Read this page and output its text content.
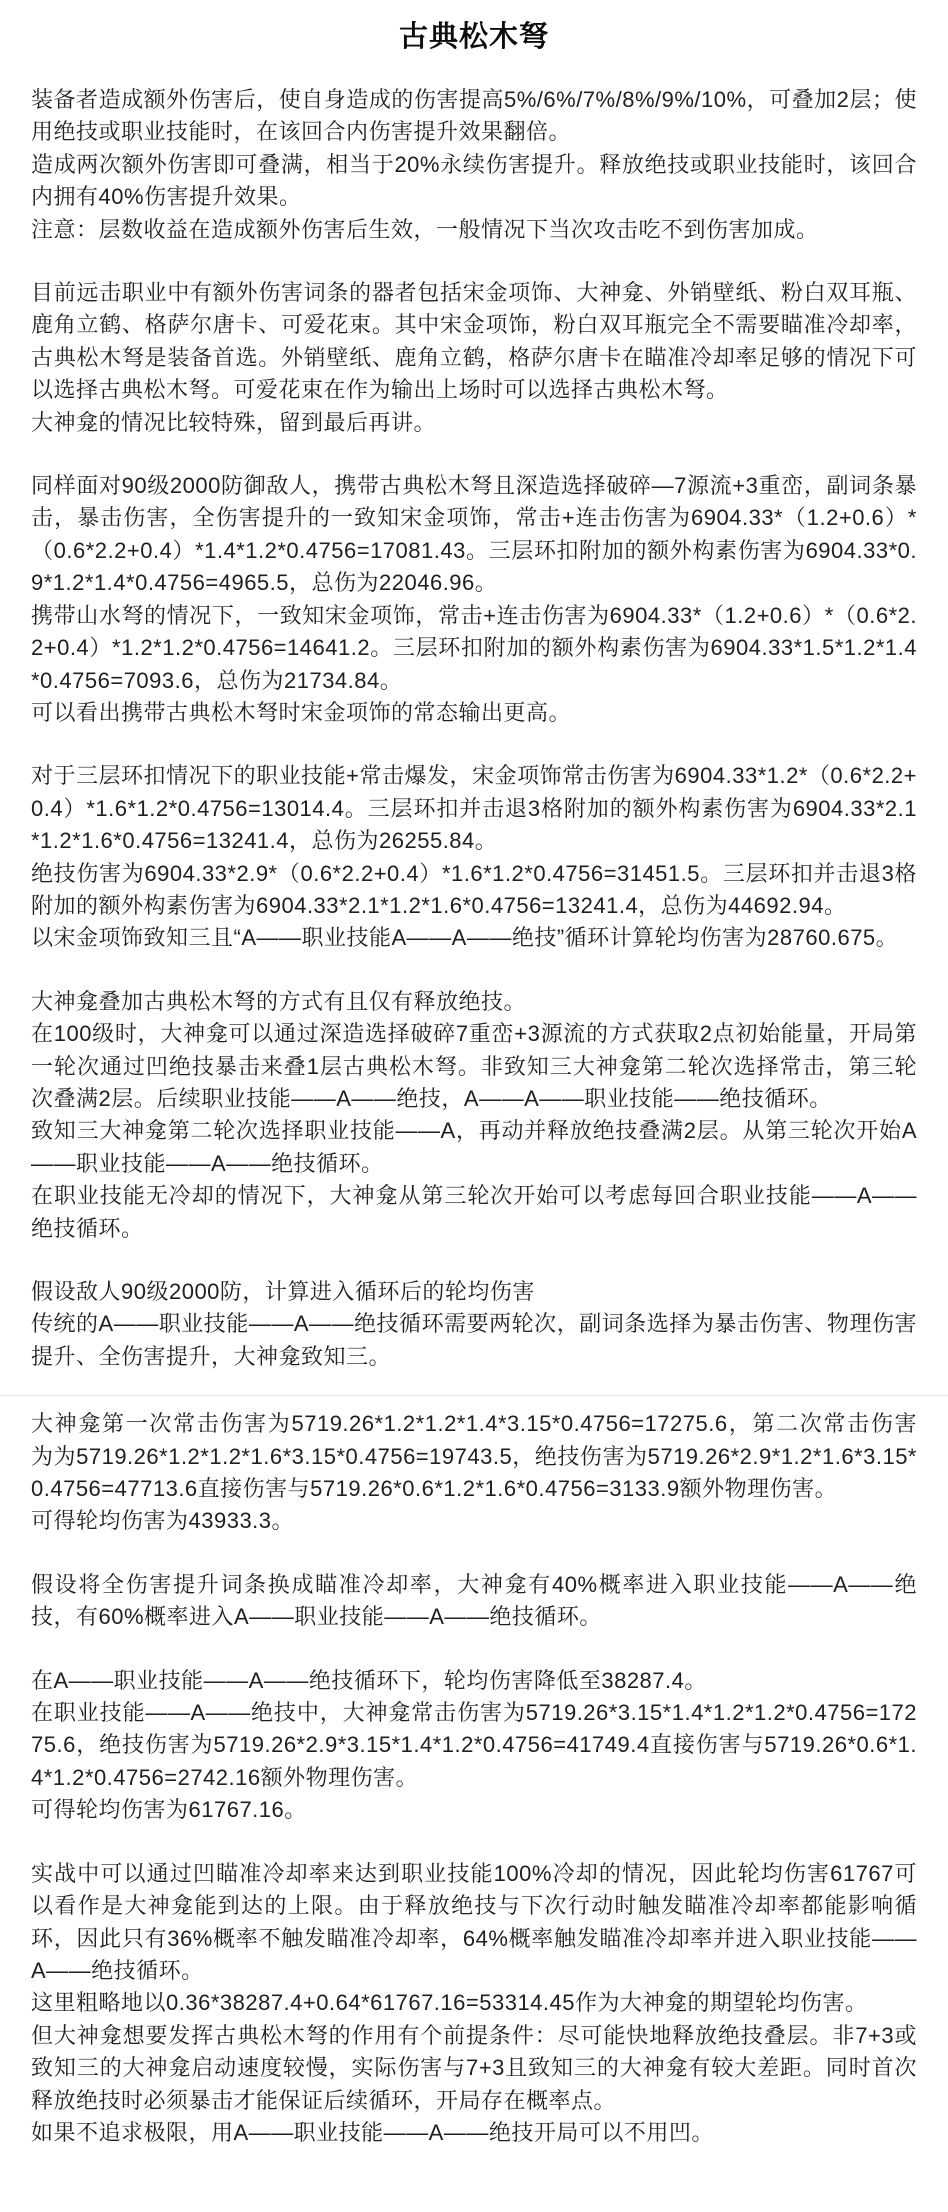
古典松木弩

装备者造成额外伤害后，使自身造成的伤害提高5%/6%/7%/8%/9%/10%，可叠加2层；使用绝技或职业技能时，在该回合内伤害提升效果翻倍。

造成两次额外伤害即可叠满，相当于20%永续伤害提升。释放绝技或职业技能时，该回合内拥有40%伤害提升效果。

注意：层数收益在造成额外伤害后生效，一般情况下当次攻击吃不到伤害加成。

目前远击职业中有额外伤害词条的器者包括宋金项饰、大神龛、外销壁纸、粉白双耳瓶、鹿角立鹤、格萨尔唐卡、可爱花束。其中宋金项饰，粉白双耳瓶完全不需要瞄准冷却率，古典松木弩是装备首选。外销壁纸、鹿角立鹤，格萨尔唐卡在瞄准冷却率足够的情况下可以选择古典松木弩。可爱花束在作为输出上场时可以选择古典松木弩。

大神龛的情况比较特殊，留到最后再讲。

同样面对90级2000防御敌人，携带古典松木弩且深造选择破碎—7源流+3重峦，副词条暴击，暴击伤害，全伤害提升的一致知宋金项饰，常击+连击伤害为6904.33*（1.2+0.6）*（0.6*2.2+0.4）*1.4*1.2*0.4756=17081.43。三层环扣附加的额外构素伤害为6904.33*0.9*1.2*1.4*0.4756=4965.5，总伤为22046.96。

携带山水弩的情况下，一致知宋金项饰，常击+连击伤害为6904.33*（1.2+0.6）*（0.6*2.2+0.4）*1.2*1.2*0.4756=14641.2。三层环扣附加的额外构素伤害为6904.33*1.5*1.2*1.4*0.4756=7093.6，总伤为21734.84。

可以看出携带古典松木弩时宋金项饰的常态输出更高。

对于三层环扣情况下的职业技能+常击爆发，宋金项饰常击伤害为6904.33*1.2*（0.6*2.2+0.4）*1.6*1.2*0.4756=13014.4。三层环扣并击退3格附加的额外构素伤害为6904.33*2.1*1.2*1.6*0.4756=13241.4，总伤为26255.84。

绝技伤害为6904.33*2.9*（0.6*2.2+0.4）*1.6*1.2*0.4756=31451.5。三层环扣并击退3格附加的额外构素伤害为6904.33*2.1*1.2*1.6*0.4756=13241.4，总伤为44692.94。

以宋金项饰致知三且“A——职业技能A——A——绝技”循环计算轮均伤害为28760.675。

大神龛叠加古典松木弩的方式有且仅有释放绝技。

在100级时，大神龛可以通过深造选择破碎7重峦+3源流的方式获取2点初始能量，开局第一轮次通过凹绝技暴击来叠1层古典松木弩。非致知三大神龛第二轮次选择常击，第三轮次叠满2层。后续职业技能——A——绝技，A——A——职业技能——绝技循环。

致知三大神龛第二轮次选择职业技能——A，再动并释放绝技叠满2层。从第三轮次开始A——职业技能——A——绝技循环。

在职业技能无冷却的情况下，大神龛从第三轮次开始可以考虑每回合职业技能——A——绝技循环。

假设敌人90级2000防，计算进入循环后的轮均伤害

传统的A——职业技能——A——绝技循环需要两轮次，副词条选择为暴击伤害、物理伤害提升、全伤害提升，大神龛致知三。

大神龛第一次常击伤害为5719.26*1.2*1.2*1.4*3.15*0.4756=17275.6，第二次常击伤害为为5719.26*1.2*1.2*1.6*3.15*0.4756=19743.5，绝技伤害为5719.26*2.9*1.2*1.6*3.15*0.4756=47713.6直接伤害与5719.26*0.6*1.2*1.6*0.4756=3133.9额外物理伤害。

可得轮均伤害为43933.3。

假设将全伤害提升词条换成瞄准冷却率，大神龛有40%概率进入职业技能——A——绝技，有60%概率进入A——职业技能——A——绝技循环。

在A——职业技能——A——绝技循环下，轮均伤害降低至38287.4。

在职业技能——A——绝技中，大神龛常击伤害为5719.26*3.15*1.4*1.2*1.2*0.4756=17275.6，绝技伤害为5719.26*2.9*3.15*1.4*1.2*0.4756=41749.4直接伤害与5719.26*0.6*1.4*1.2*0.4756=2742.16额外物理伤害。

可得轮均伤害为61767.16。

实战中可以通过凹瞄准冷却率来达到职业技能100%冷却的情况，因此轮均伤害61767可以看作是大神龛能到达的上限。由于释放绝技与下次行动时触发瞄准冷却率都能影响循环，因此只有36%概率不触发瞄准冷却率，64%概率触发瞄准冷却率并进入职业技能——A——绝技循环。

这里粗略地以0.36*38287.4+0.64*61767.16=53314.45作为大神龛的期望轮均伤害。

但大神龛想要发挥古典松木弩的作用有个前提条件：尽可能快地释放绝技叠层。非7+3或致知三的大神龛启动速度较慢，实际伤害与7+3且致知三的大神龛有较大差距。同时首次释放绝技时必须暴击才能保证后续循环，开局存在概率点。

如果不追求极限，用A——职业技能——A——绝技开局可以不用凹。
